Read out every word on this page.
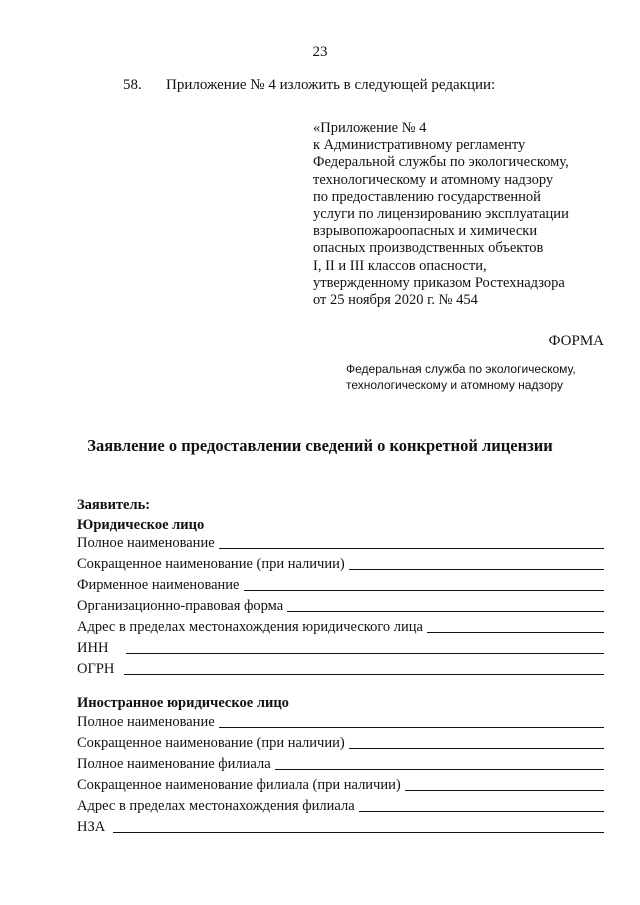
23
58. Приложение № 4 изложить в следующей редакции:
«Приложение № 4
к Административному регламенту
Федеральной службы по экологическому,
технологическому и атомному надзору
по предоставлению государственной
услуги по лицензированию эксплуатации
взрывопожароопасных и химически
опасных производственных объектов
I, II и III классов опасности,
утвержденному приказом Ростехнадзора
от 25 ноября 2020 г. № 454
ФОРМА
Федеральная служба по экологическому,
технологическому и атомному надзору
Заявление о предоставлении сведений о конкретной лицензии
Заявитель:
Юридическое лицо
Полное наименование
Сокращенное наименование (при наличии)
Фирменное наименование
Организационно-правовая форма
Адрес в пределах местонахождения юридического лица
ИНН
ОГРН
Иностранное юридическое лицо
Полное наименование
Сокращенное наименование (при наличии)
Полное наименование филиала
Сокращенное наименование филиала (при наличии)
Адрес в пределах местонахождения филиала
НЗА
